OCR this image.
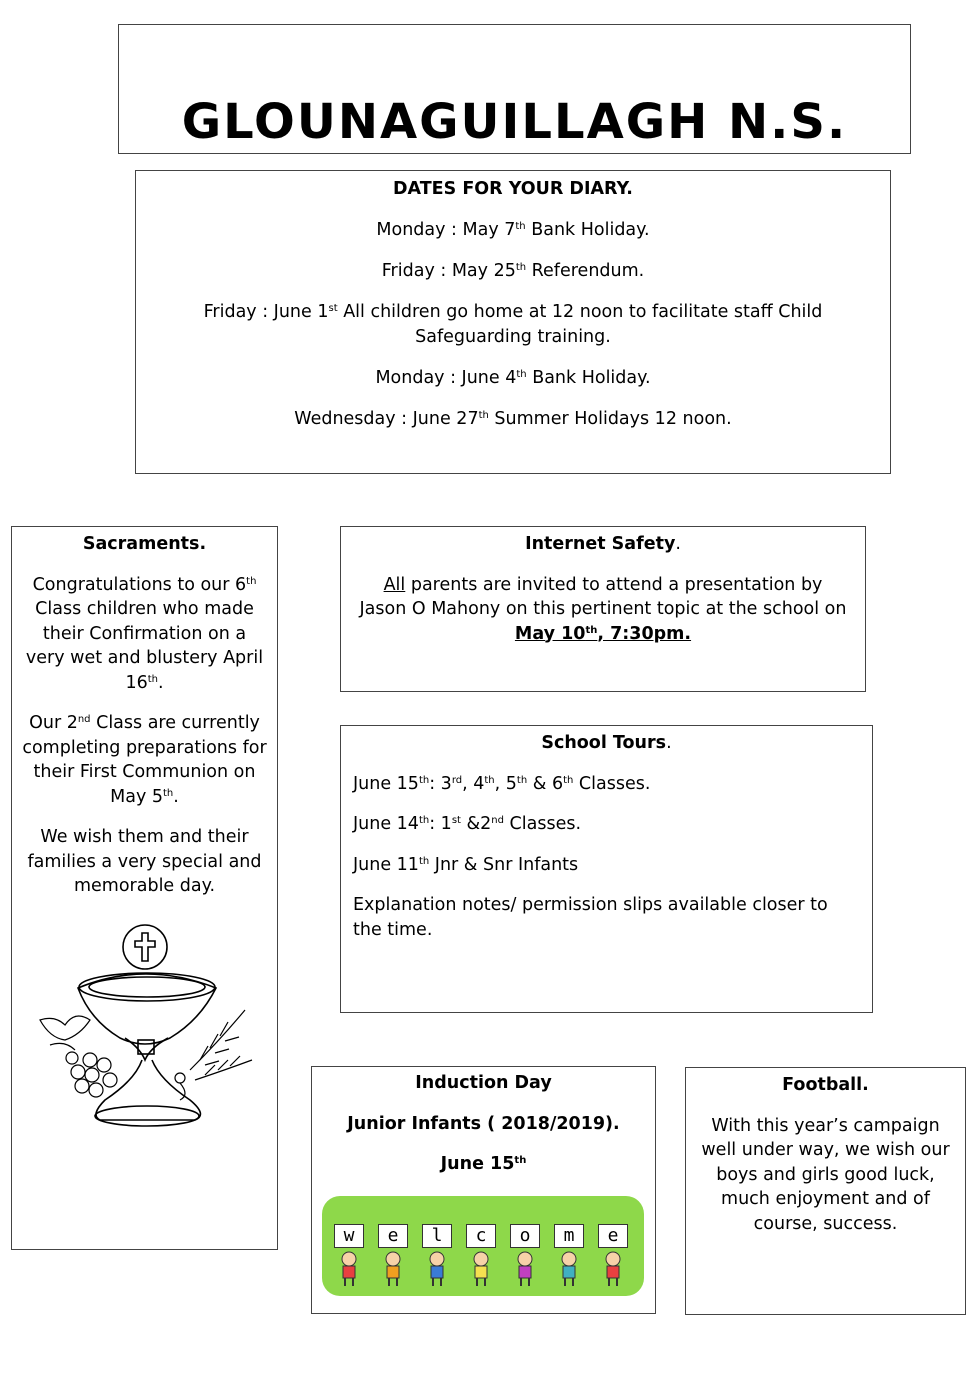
GLOUNAGUILLAGH N.S.

DATES FOR YOUR DIARY.

Monday : May 7th Bank Holiday.

Friday : May 25th Referendum.

Friday : June 1st All children go home at 12 noon to facilitate staff Child Safeguarding training.

Monday : June 4th Bank Holiday.

Wednesday : June 27th Summer Holidays 12 noon.

Sacraments.

Congratulations to our 6th Class children who made their Confirmation on a very wet and blustery April 16th.

Our 2nd Class are currently completing preparations for their First Communion on May 5th.

We wish them and their families a very special and memorable day.

Internet Safety.

All parents are invited to attend a presentation by Jason O Mahony on this pertinent topic at the school on May 10th, 7:30pm.

School Tours.

June 15th: 3rd, 4th, 5th & 6th Classes.

June 14th: 1st &2nd Classes.

June 11th Jnr & Snr Infants

Explanation notes/ permission slips available closer to the time.

Induction Day

Junior Infants ( 2018/2019).

June 15th

w	e	l	c	o	m	e

Football.

With this year’s campaign well under way, we wish our boys and girls good luck, much enjoyment and of course, success.
